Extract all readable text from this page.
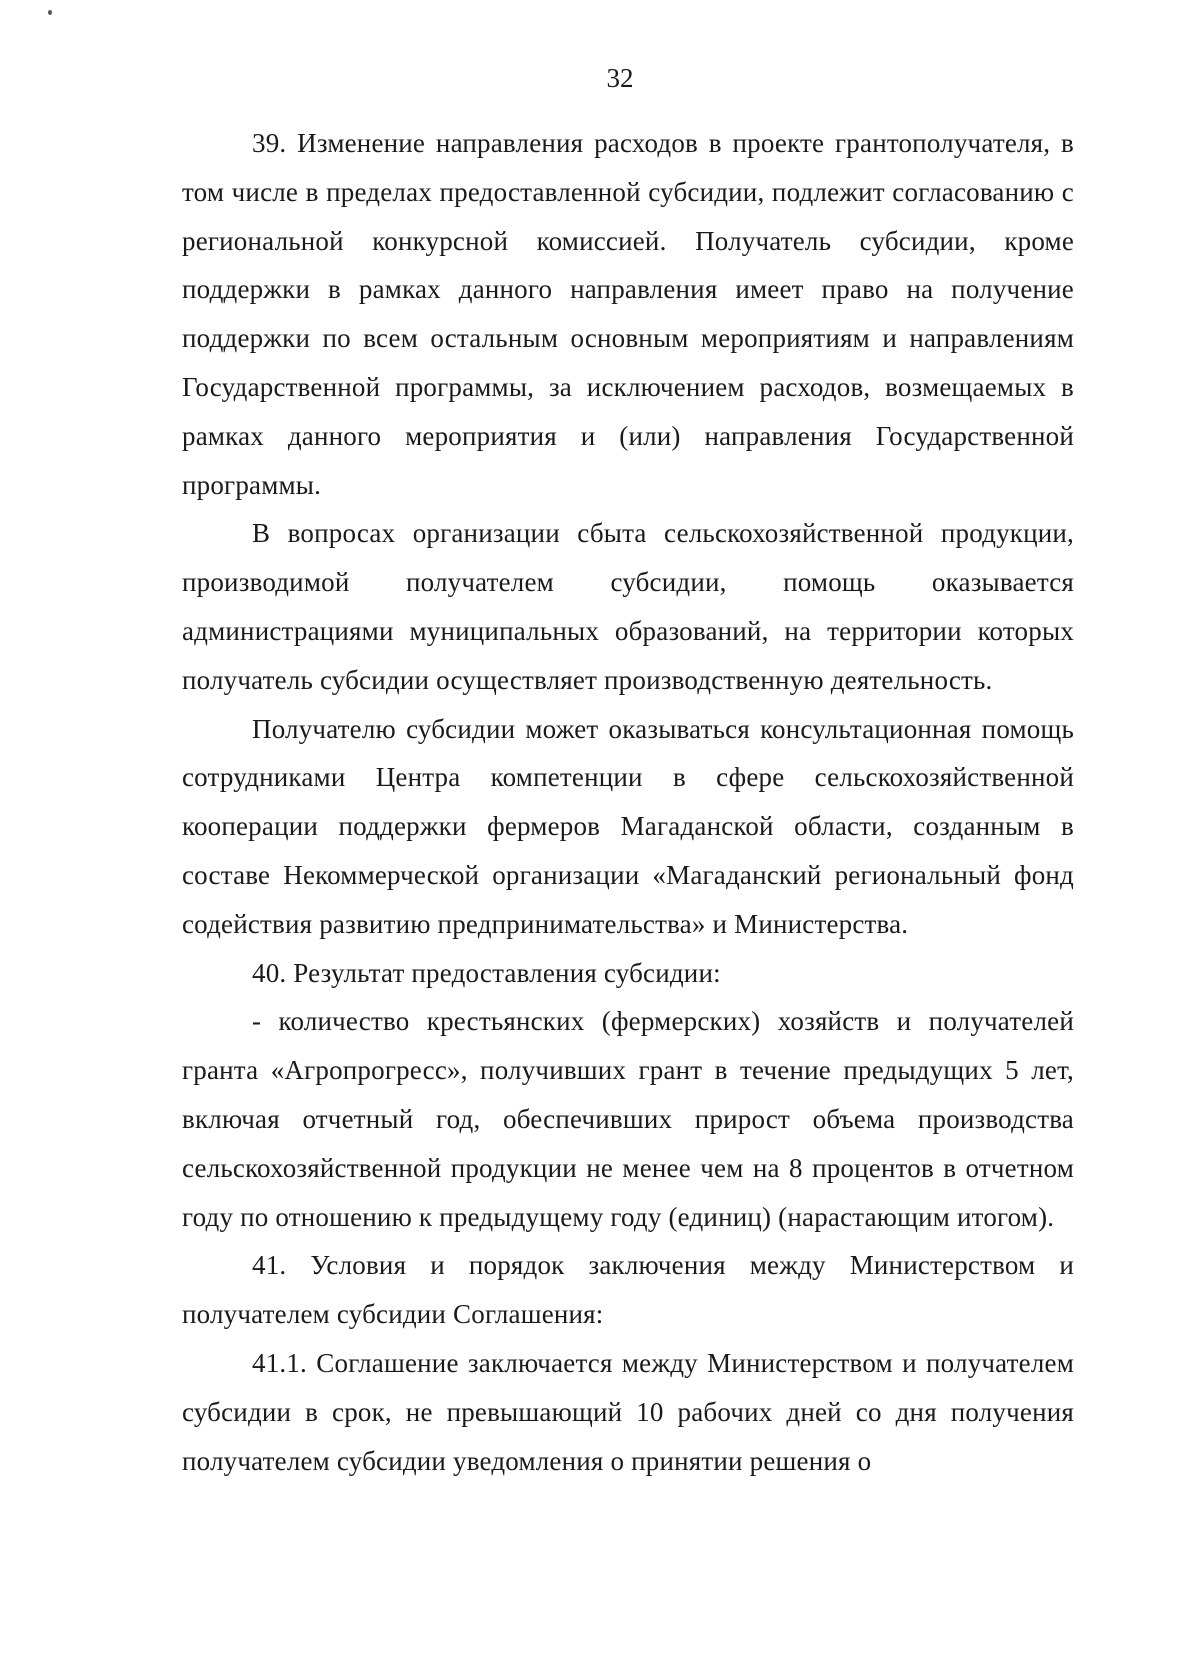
32

39. Изменение направления расходов в проекте грантополучателя, в том числе в пределах предоставленной субсидии, подлежит согласованию с региональной конкурсной комиссией. Получатель субсидии, кроме поддержки в рамках данного направления имеет право на получение поддержки по всем остальным основным мероприятиям и направлениям Государственной программы, за исключением расходов, возмещаемых в рамках данного мероприятия и (или) направления Государственной программы.

В вопросах организации сбыта сельскохозяйственной продукции, производимой получателем субсидии, помощь оказывается администрациями муниципальных образований, на территории которых получатель субсидии осуществляет производственную деятельность.

Получателю субсидии может оказываться консультационная помощь сотрудниками Центра компетенции в сфере сельскохозяйственной кооперации поддержки фермеров Магаданской области, созданным в составе Некоммерческой организации «Магаданский региональный фонд содействия развитию предпринимательства» и Министерства.

40. Результат предоставления субсидии:

- количество крестьянских (фермерских) хозяйств и получателей гранта «Агропрогресс», получивших грант в течение предыдущих 5 лет, включая отчетный год, обеспечивших прирост объема производства сельскохозяйственной продукции не менее чем на 8 процентов в отчетном году по отношению к предыдущему году (единиц) (нарастающим итогом).

41. Условия и порядок заключения между Министерством и получателем субсидии Соглашения:

41.1. Соглашение заключается между Министерством и получателем субсидии в срок, не превышающий 10 рабочих дней со дня получения получателем субсидии уведомления о принятии решения о
